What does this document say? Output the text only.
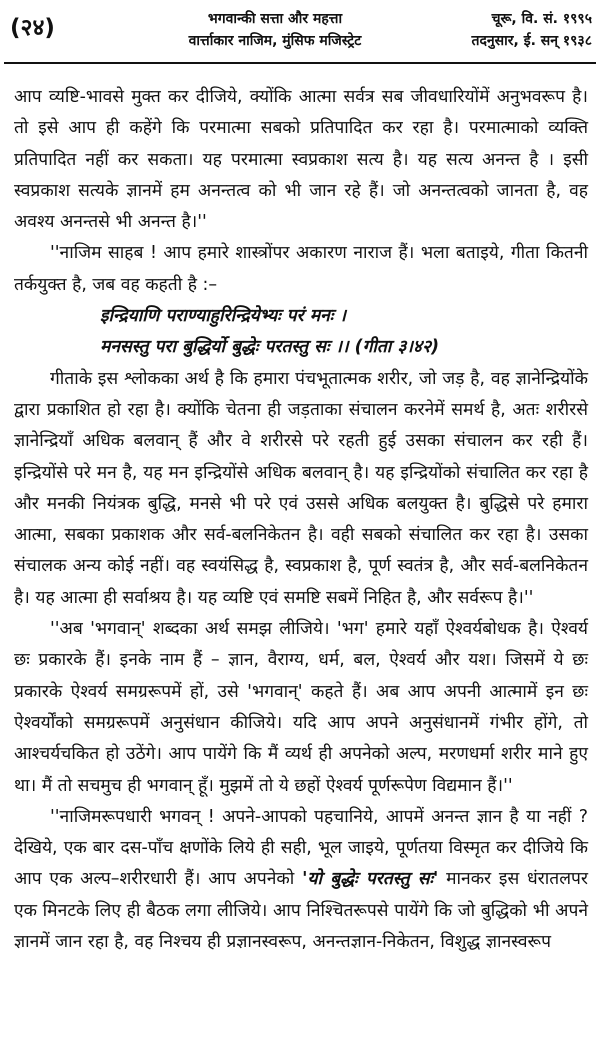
(२४)	भगवान्की सत्ता और महत्ता
वार्त्ताकार नाजिम, मुंसिफ मजिस्ट्रेट
चूरू, वि. सं. १९९५
तदनुसार, ई. सन् १९३८

आप व्यष्टि-भावसे मुक्त कर दीजिये, क्योंकि आत्मा सर्वत्र सब जीवधारियोंमें अनुभवरूप है। तो इसे आप ही कहेंगे कि परमात्मा सबको प्रतिपादित कर रहा है। परमात्माको व्यक्ति प्रतिपादित नहीं कर सकता। यह परमात्मा स्वप्रकाश सत्य है। यह सत्य अनन्त है । इसी स्वप्रकाश सत्यके ज्ञानमें हम अनन्तत्व को भी जान रहे हैं। जो अनन्तत्वको जानता है, वह अवश्य अनन्तसे भी अनन्त है।''

''नाजिम साहब ! आप हमारे शास्त्रोंपर अकारण नाराज हैं। भला बताइये, गीता कितनी तर्कयुक्त है, जब वह कहती है :–

इन्द्रियाणि पराण्याहुरिन्द्रियेभ्यः परं मनः ।
मनसस्तु परा बुद्धिर्यो बुद्धेः परतस्तु सः ।। (गीता ३।४२)

गीताके इस श्लोकका अर्थ है कि हमारा पंचभूतात्मक शरीर, जो जड़ है, वह ज्ञानेन्द्रियोंके द्वारा प्रकाशित हो रहा है। क्योंकि चेतना ही जड़ताका संचालन करनेमें समर्थ है, अतः शरीरसे ज्ञानेन्द्रियाँ अधिक बलवान् हैं और वे शरीरसे परे रहती हुई उसका संचालन कर रही हैं। इन्द्रियोंसे परे मन है, यह मन इन्द्रियोंसे अधिक बलवान् है। यह इन्द्रियोंको संचालित कर रहा है और मनकी नियंत्रक बुद्धि, मनसे भी परे एवं उससे अधिक बलयुक्त है। बुद्धिसे परे हमारा आत्मा, सबका प्रकाशक और सर्व-बलनिकेतन है। वही सबको संचालित कर रहा है। उसका संचालक अन्य कोई नहीं। वह स्वयंसिद्ध है, स्वप्रकाश है, पूर्ण स्वतंत्र है, और सर्व-बलनिकेतन है। यह आत्मा ही सर्वाश्रय है। यह व्यष्टि एवं समष्टि सबमें निहित है, और सर्वरूप है।''

''अब 'भगवान्' शब्दका अर्थ समझ लीजिये। 'भग' हमारे यहाँ ऐश्वर्यबोधक है। ऐश्वर्य छः प्रकारके हैं। इनके नाम हैं – ज्ञान, वैराग्य, धर्म, बल, ऐश्वर्य और यश। जिसमें ये छः प्रकारके ऐश्वर्य समग्ररूपमें हों, उसे 'भगवान्' कहते हैं। अब आप अपनी आत्मामें इन छः ऐश्वर्योंको समग्ररूपमें अनुसंधान कीजिये। यदि आप अपने अनुसंधानमें गंभीर होंगे, तो आश्चर्यचकित हो उठेंगे। आप पायेंगे कि मैं व्यर्थ ही अपनेको अल्प, मरणधर्मा शरीर माने हुए था। मैं तो सचमुच ही भगवान् हूँ। मुझमें तो ये छहों ऐश्वर्य पूर्णरूपेण विद्यमान हैं।''

''नाजिमरूपधारी भगवन् ! अपने-आपको पहचानिये, आपमें अनन्त ज्ञान है या नहीं ? देखिये, एक बार दस-पाँच क्षणोंके लिये ही सही, भूल जाइये, पूर्णतया विस्मृत कर दीजिये कि आप एक अल्प–शरीरधारी हैं। आप अपनेको 'यो बुद्धेः परतस्तु सः' मानकर इस धंरातलपर एक मिनटके लिए ही बैठक लगा लीजिये। आप निश्चितरूपसे पायेंगे कि जो बुद्धिको भी अपने ज्ञानमें जान रहा है, वह निश्चय ही प्रज्ञानस्वरूप, अनन्तज्ञान-निकेतन, विशुद्ध ज्ञानस्वरूप
